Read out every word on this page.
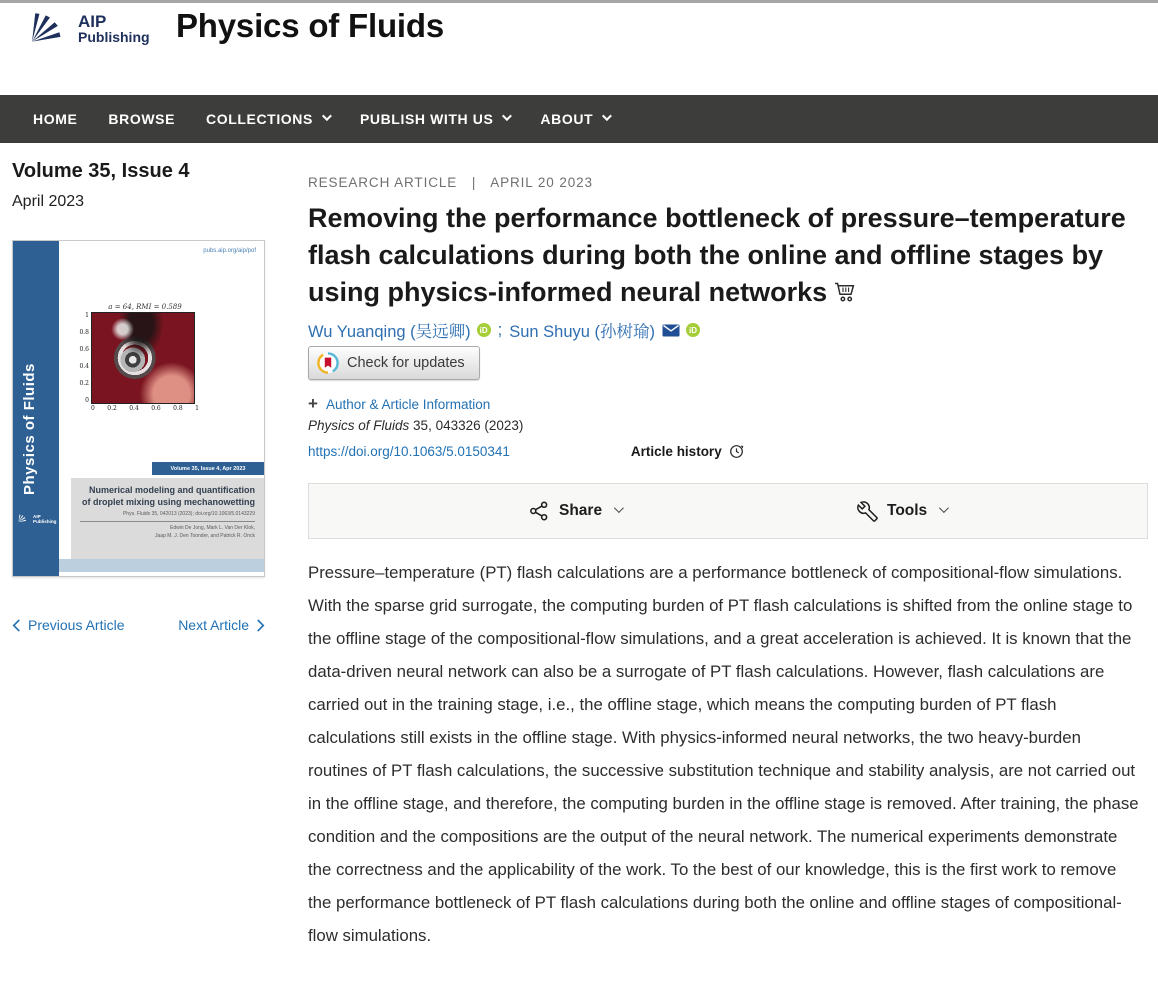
AIP
Publishing Physics of Fluids
HOME BROWSE COLLECTIONS	PUBLISH WITH US	ABOUT
Volume 35, Issue 4
April 2023
Physics of Fluids
AIP
Publishing
pubs.aip.org/aip/pof
a = 64, RMI = 0.589
1
0.8
0.6
0.4
0.2
0
0 0.2 0.4 0.6 0.8 1
Volume 35, Issue 4, Apr 2023
Numerical modeling and quantification of droplet mixing using mechanowetting
Phys. Fluids 35, 042013 (2023); doi.org/10.1063/5.0143229
Edwin De Jong, Mark L. Van Der Klok,
Jaap M. J. Den Toonder, and Patrick R. Onck
Previous Article	Next Article
RESEARCH ARTICLE | APRIL 20 2023
Removing the performance bottleneck of pressure–temperature flash calculations during both the online and offline stages by using physics-informed neural networks
Wu Yuanqing (吴远卿)	iD ; Sun Shuyu (孙树瑜)	iD
Check for updates
+ Author & Article Information
Physics of Fluids 35, 043326 (2023)
https://doi.org/10.1063/5.0150341	Article history
Share	Tools

Pressure–temperature (PT) flash calculations are a performance bottleneck of compositional-flow simulations. With the sparse grid surrogate, the computing burden of PT flash calculations is shifted from the online stage to the offline stage of the compositional-flow simulations, and a great acceleration is achieved. It is known that the data-driven neural network can also be a surrogate of PT flash calculations. However, flash calculations are carried out in the training stage, i.e., the offline stage, which means the computing burden of PT flash calculations still exists in the offline stage. With physics-informed neural networks, the two heavy-burden routines of PT flash calculations, the successive substitution technique and stability analysis, are not carried out in the offline stage, and therefore, the computing burden in the offline stage is removed. After training, the phase condition and the compositions are the output of the neural network. The numerical experiments demonstrate the correctness and the applicability of the work. To the best of our knowledge, this is the first work to remove the performance bottleneck of PT flash calculations during both the online and offline stages of compositional-flow simulations.
